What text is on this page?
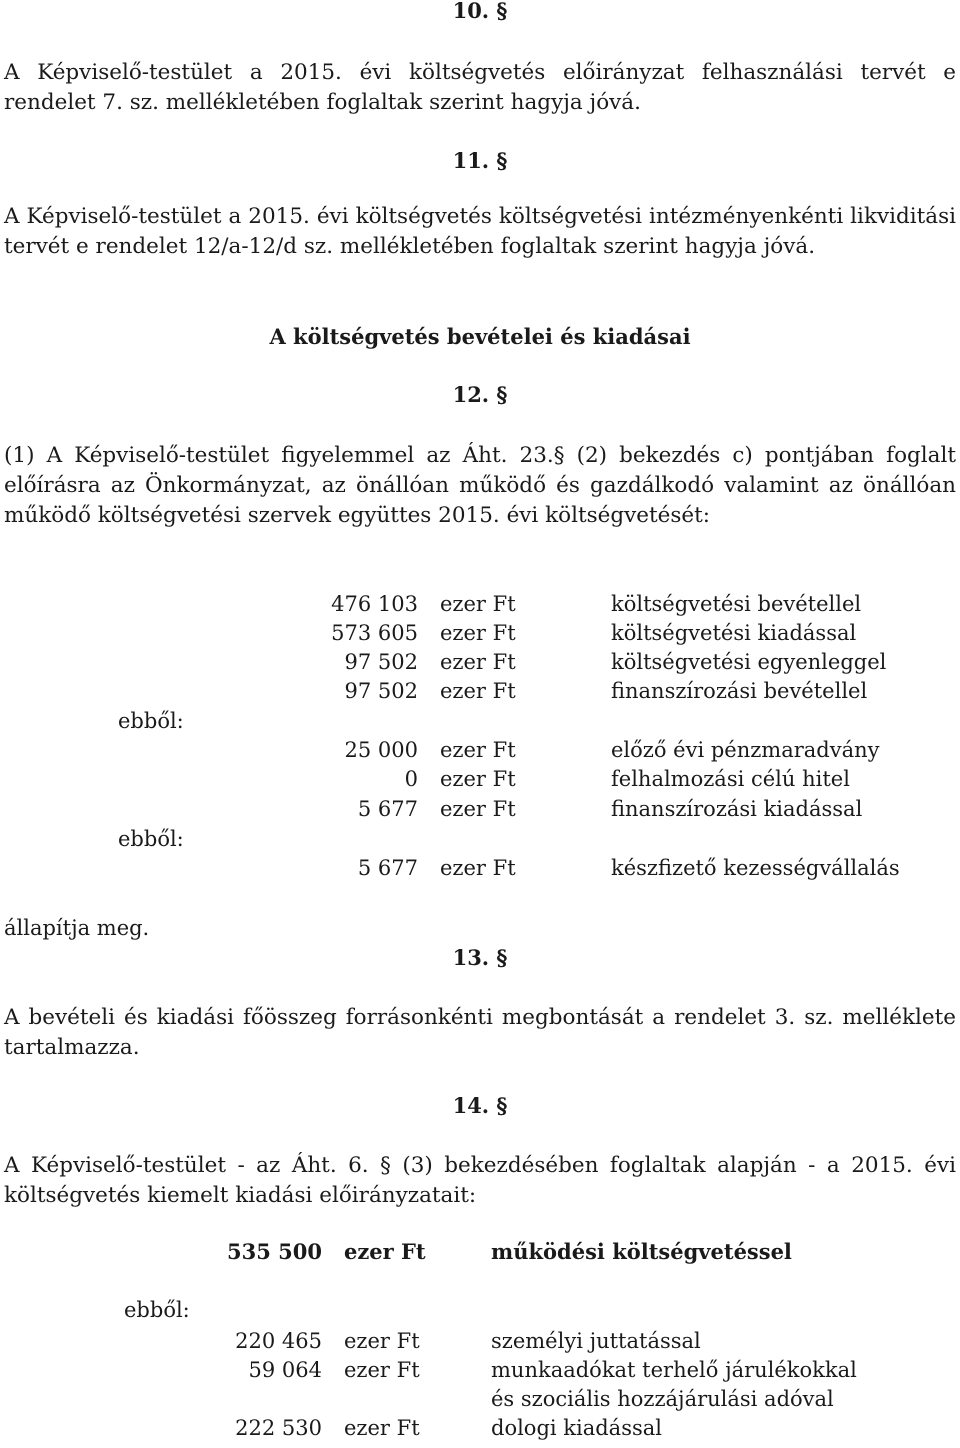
10. §

A Képviselő-testület a 2015. évi költségvetés előirányzat felhasználási tervét e rendelet 7. sz. mellékletében foglaltak szerint hagyja jóvá.

11. §

A Képviselő-testület a 2015. évi költségvetés költségvetési intézményenkénti likviditási tervét e rendelet 12/a-12/d sz. mellékletében foglaltak szerint hagyja jóvá.

A költségvetés bevételei és kiadásai
12. §

(1) A Képviselő-testület figyelemmel az Áht. 23.§ (2) bekezdés c) pontjában foglalt előírásra az Önkormányzat, az önállóan működő és gazdálkodó valamint az önállóan működő költségvetési szervek együttes 2015. évi költségvetését:

476 103 ezer Ft	költségvetési bevétellel
573 605 ezer Ft	költségvetési kiadással
97 502 ezer Ft	költségvetési egyenleggel
97 502 ezer Ft	finanszírozási bevétellel
ebből:
25 000 ezer Ft	előző évi pénzmaradvány
0 ezer Ft	felhalmozási célú hitel
5 677 ezer Ft	finanszírozási kiadással
ebből:
5 677 ezer Ft	készfizető kezességvállalás
állapítja meg.
13. §

A bevételi és kiadási főösszeg forrásonkénti megbontását a rendelet 3. sz. melléklete tartalmazza.

14. §

A Képviselő-testület - az Áht. 6. § (3) bekezdésében foglaltak alapján - a 2015. évi költségvetés kiemelt kiadási előirányzatait:

535 500 ezer Ft	működési költségvetéssel
ebből:
220 465 ezer Ft	személyi juttatással
59 064 ezer Ft	munkaadókat terhelő járulékokkal
és szociális hozzájárulási adóval
222 530 ezer Ft	dologi kiadással
